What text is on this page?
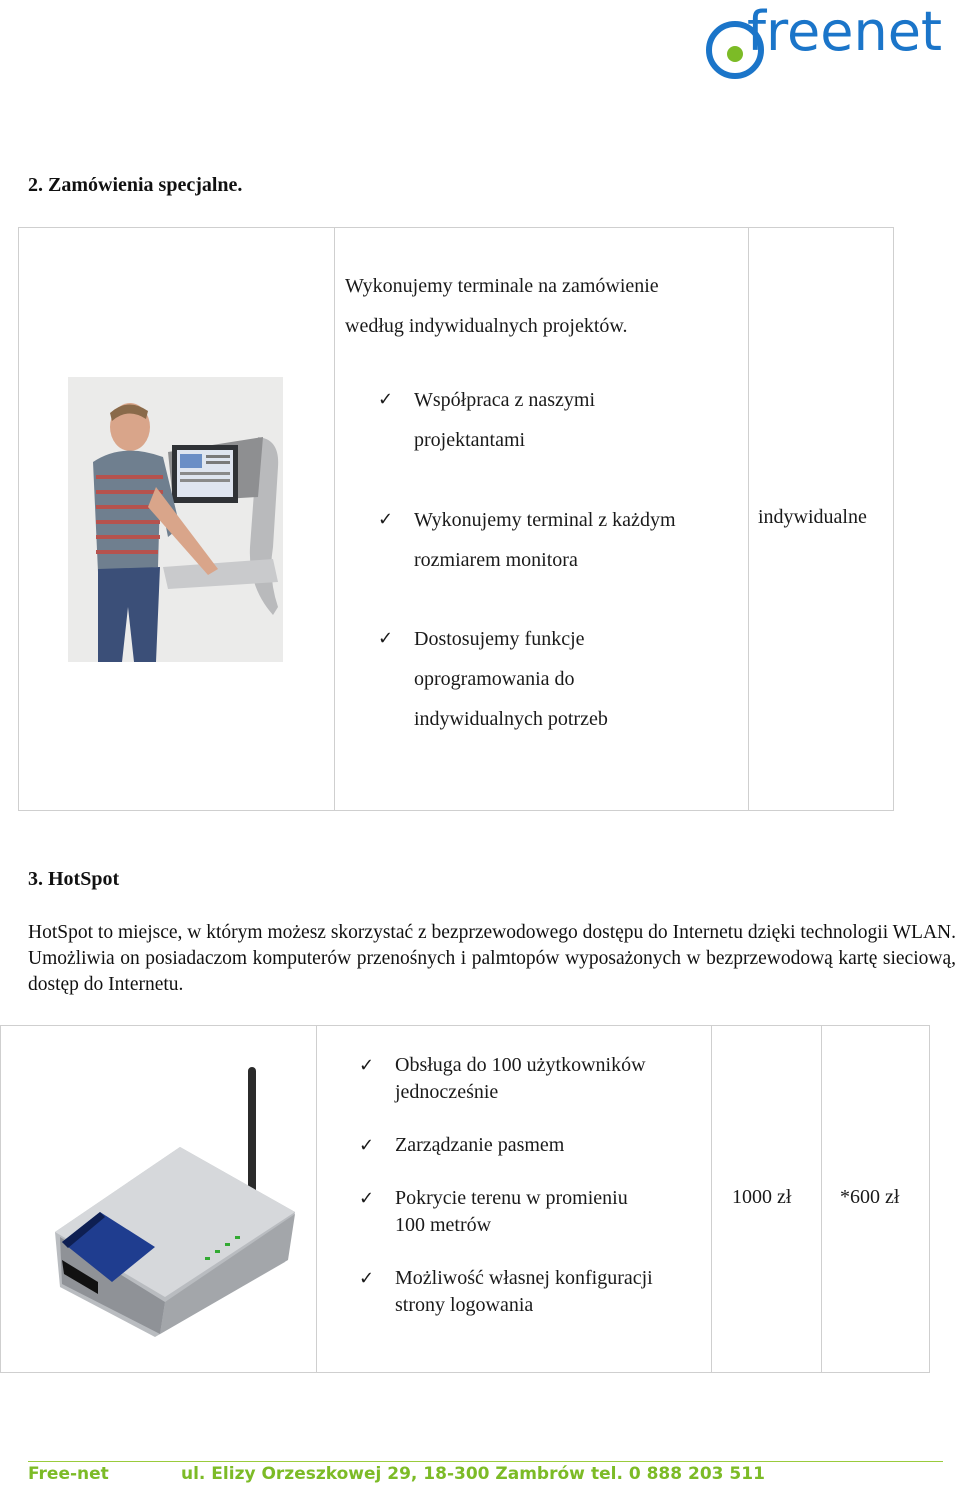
freenet
2. Zamówienia specjalne.
Wykonujemy terminale na zamówienie
według indywidualnych projektów.
✓ Współpraca z naszymi
projektantami
✓ Wykonujemy terminal z każdym
rozmiarem monitora
✓ Dostosujemy funkcje
oprogramowania do
indywidualnych potrzeb
indywidualne
3. HotSpot
HotSpot to miejsce, w którym możesz skorzystać z bezprzewodowego dostępu do Internetu dzięki technologii WLAN. Umożliwia on posiadaczom komputerów przenośnych i palmtopów wyposażonych w bezprzewodową kartę sieciową, dostęp do Internetu.
✓ Obsługa do 100 użytkowników
jednocześnie
✓ Zarządzanie pasmem
✓ Pokrycie terenu w promieniu
100 metrów
✓ Możliwość własnej konfiguracji
strony logowania
1000 zł *600 zł
Free-net	ul. Elizy Orzeszkowej 29, 18-300 Zambrów tel. 0 888 203 511
